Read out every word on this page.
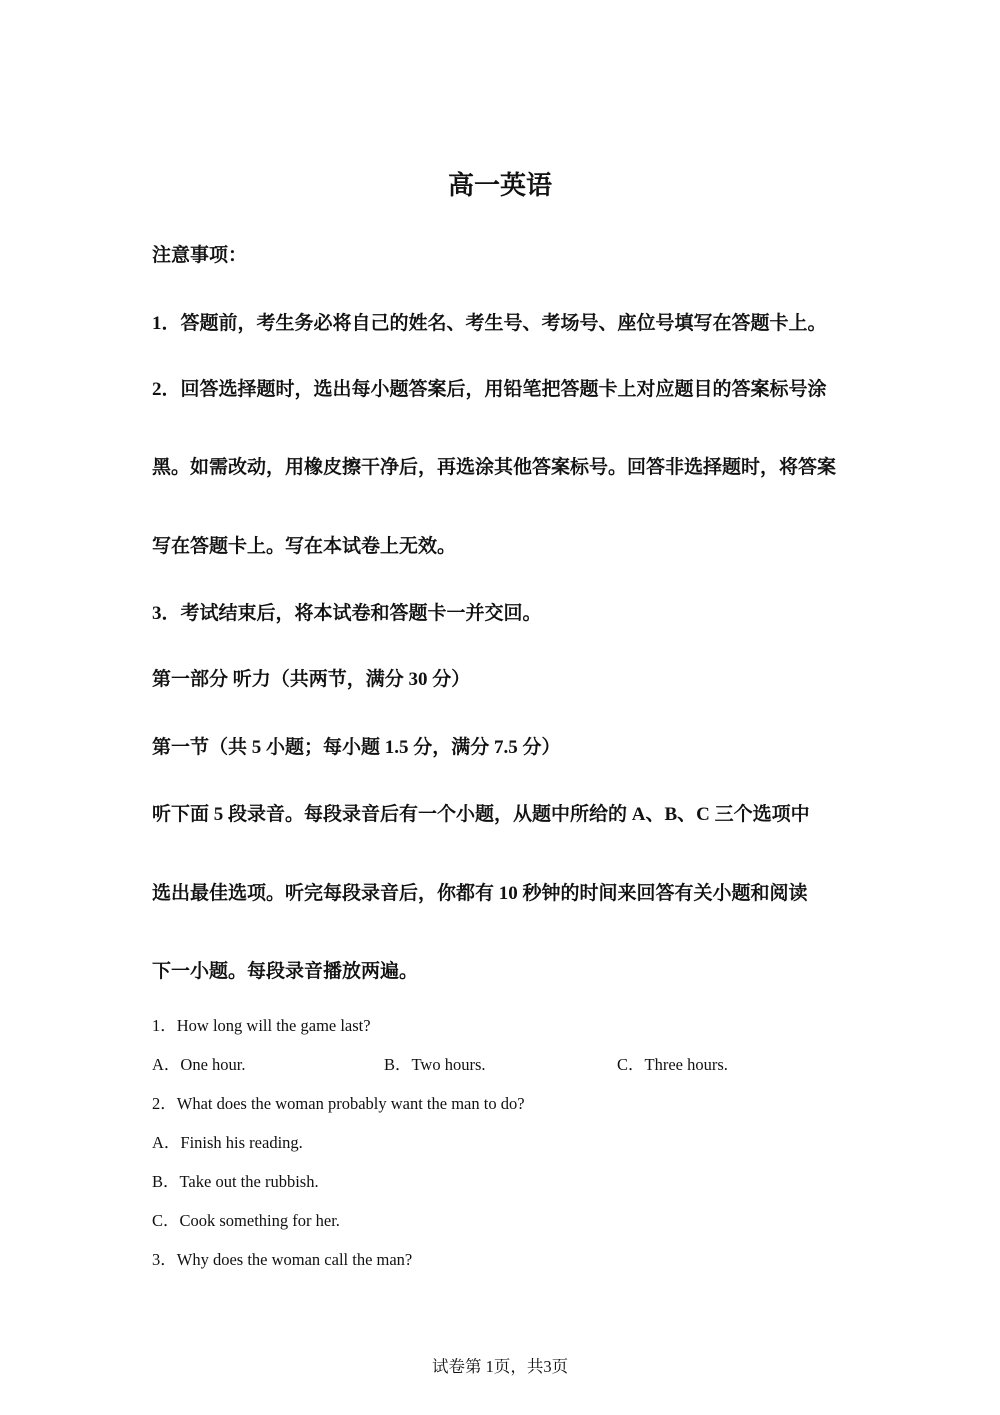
高一英语
注意事项：
1．答题前，考生务必将自己的姓名、考生号、考场号、座位号填写在答题卡上。
2．回答选择题时，选出每小题答案后，用铅笔把答题卡上对应题目的答案标号涂
黑。如需改动，用橡皮擦干净后，再选涂其他答案标号。回答非选择题时，将答案
写在答题卡上。写在本试卷上无效。
3．考试结束后，将本试卷和答题卡一并交回。
第一部分 听力（共两节，满分 30 分）
第一节（共 5 小题；每小题 1.5 分，满分 7.5 分）
听下面 5 段录音。每段录音后有一个小题，从题中所给的 A、B、C 三个选项中
选出最佳选项。听完每段录音后，你都有 10 秒钟的时间来回答有关小题和阅读
下一小题。每段录音播放两遍。
1．How long will the game last?
A．One hour.	B．Two hours.	C．Three hours.
2．What does the woman probably want the man to do?
A．Finish his reading.
B．Take out the rubbish.
C．Cook something for her.
3．Why does the woman call the man?
试卷第 1页，共3页
